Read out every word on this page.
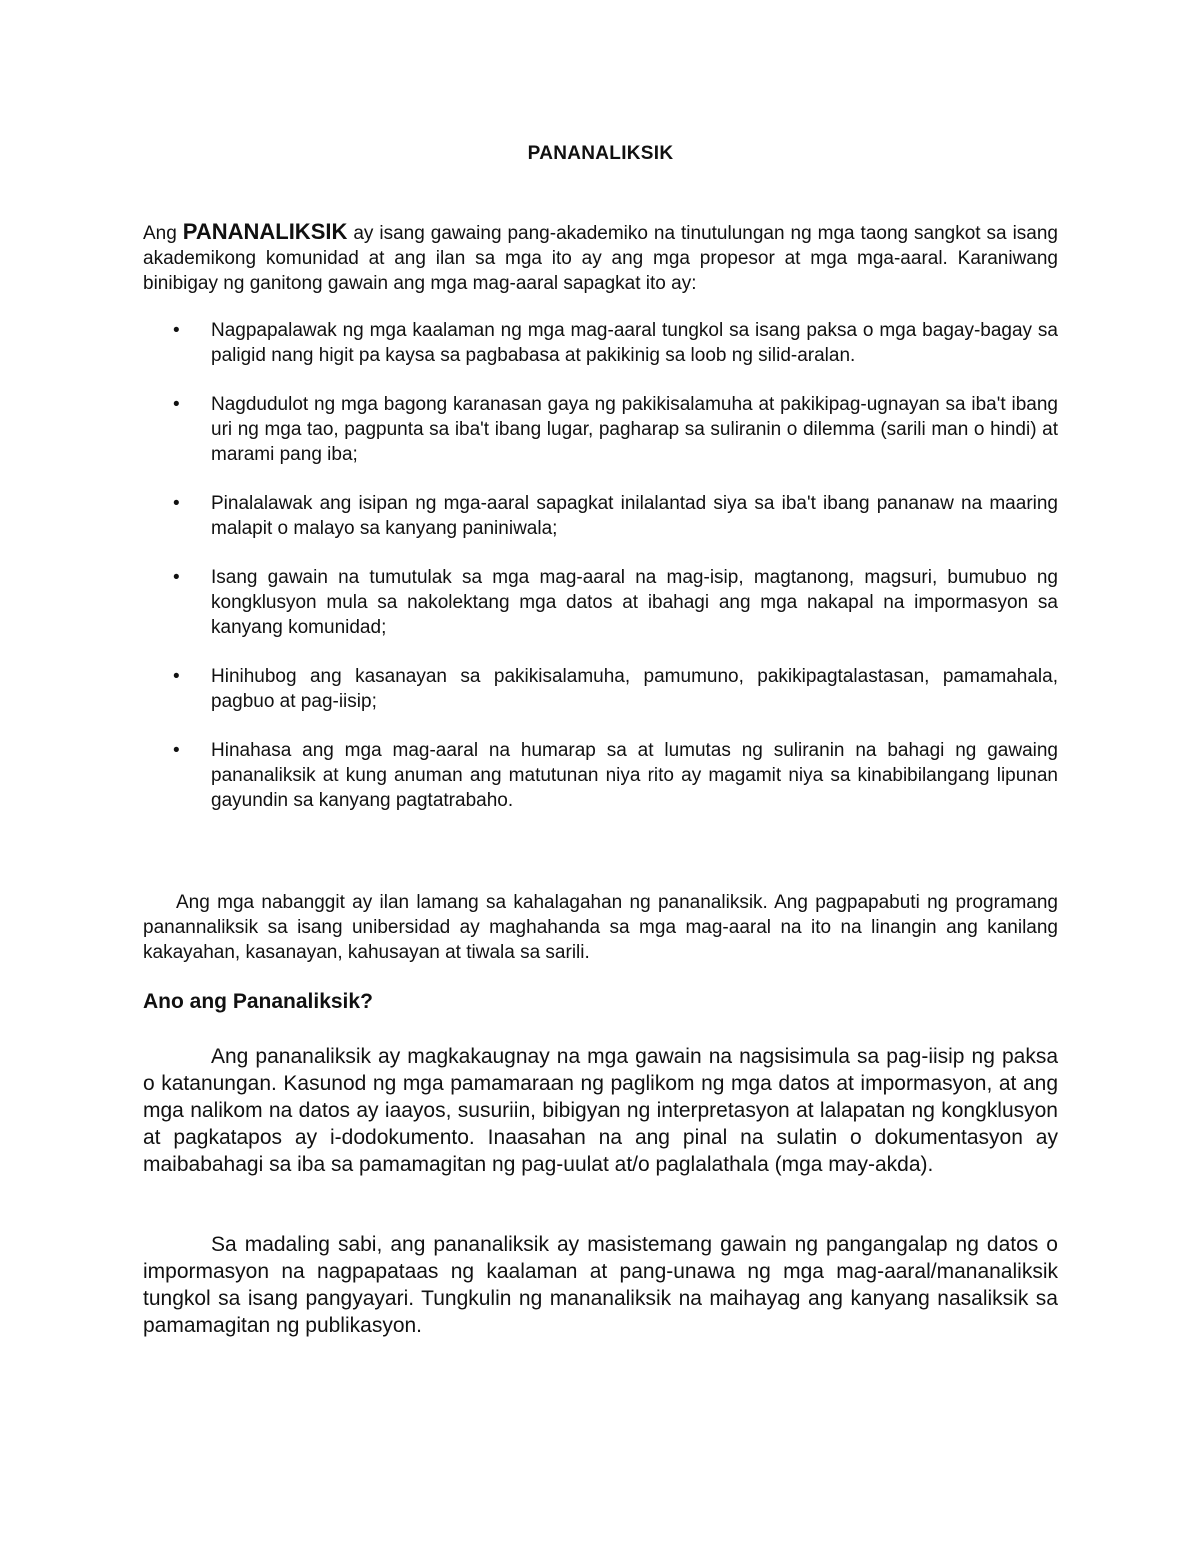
PANANALIKSIK

Ang PANANALIKSIK ay isang gawaing pang-akademiko na tinutulungan ng mga taong sangkot sa isang akademikong komunidad at ang ilan sa mga ito ay ang mga propesor at mga mga-aaral. Karaniwang binibigay ng ganitong gawain ang mga mag-aaral sapagkat ito ay:

• Nagpapalawak ng mga kaalaman ng mga mag-aaral tungkol sa isang paksa o mga bagay-bagay sa paligid nang higit pa kaysa sa pagbabasa at pakikinig sa loob ng silid-aralan.
• Nagdudulot ng mga bagong karanasan gaya ng pakikisalamuha at pakikipag-ugnayan sa iba't ibang uri ng mga tao, pagpunta sa iba't ibang lugar, pagharap sa suliranin o dilemma (sarili man o hindi) at marami pang iba;
• Pinalalawak ang isipan ng mga-aaral sapagkat inilalantad siya sa iba't ibang pananaw na maaring malapit o malayo sa kanyang paniniwala;
• Isang gawain na tumutulak sa mga mag-aaral na mag-isip, magtanong, magsuri, bumubuo ng kongklusyon mula sa nakolektang mga datos at ibahagi ang mga nakapal na impormasyon sa kanyang komunidad;
• Hinihubog ang kasanayan sa pakikisalamuha, pamumuno, pakikipagtalastasan, pamamahala, pagbuo at pag-iisip;
• Hinahasa ang mga mag-aaral na humarap sa at lumutas ng suliranin na bahagi ng gawaing pananaliksik at kung anuman ang matutunan niya rito ay magamit niya sa kinabibilangang lipunan gayundin sa kanyang pagtatrabaho.

Ang mga nabanggit ay ilan lamang sa kahalagahan ng pananaliksik. Ang pagpapabuti ng programang panannaliksik sa isang unibersidad ay maghahanda sa mga mag-aaral na ito na linangin ang kanilang kakayahan, kasanayan, kahusayan at tiwala sa sarili.

Ano ang Pananaliksik?

Ang pananaliksik ay magkakaugnay na mga gawain na nagsisimula sa pag-iisip ng paksa o katanungan. Kasunod ng mga pamamaraan ng paglikom ng mga datos at impormasyon, at ang mga nalikom na datos ay iaayos, susuriin, bibigyan ng interpretasyon at lalapatan ng kongklusyon at pagkatapos ay i-dodokumento. Inaasahan na ang pinal na sulatin o dokumentasyon ay maibabahagi sa iba sa pamamagitan ng pag-uulat at/o paglalathala (mga may-akda).

Sa madaling sabi, ang pananaliksik ay masistemang gawain ng pangangalap ng datos o impormasyon na nagpapataas ng kaalaman at pang-unawa ng mga mag-aaral/mananaliksik tungkol sa isang pangyayari. Tungkulin ng mananaliksik na maihayag ang kanyang nasaliksik sa pamamagitan ng publikasyon.
